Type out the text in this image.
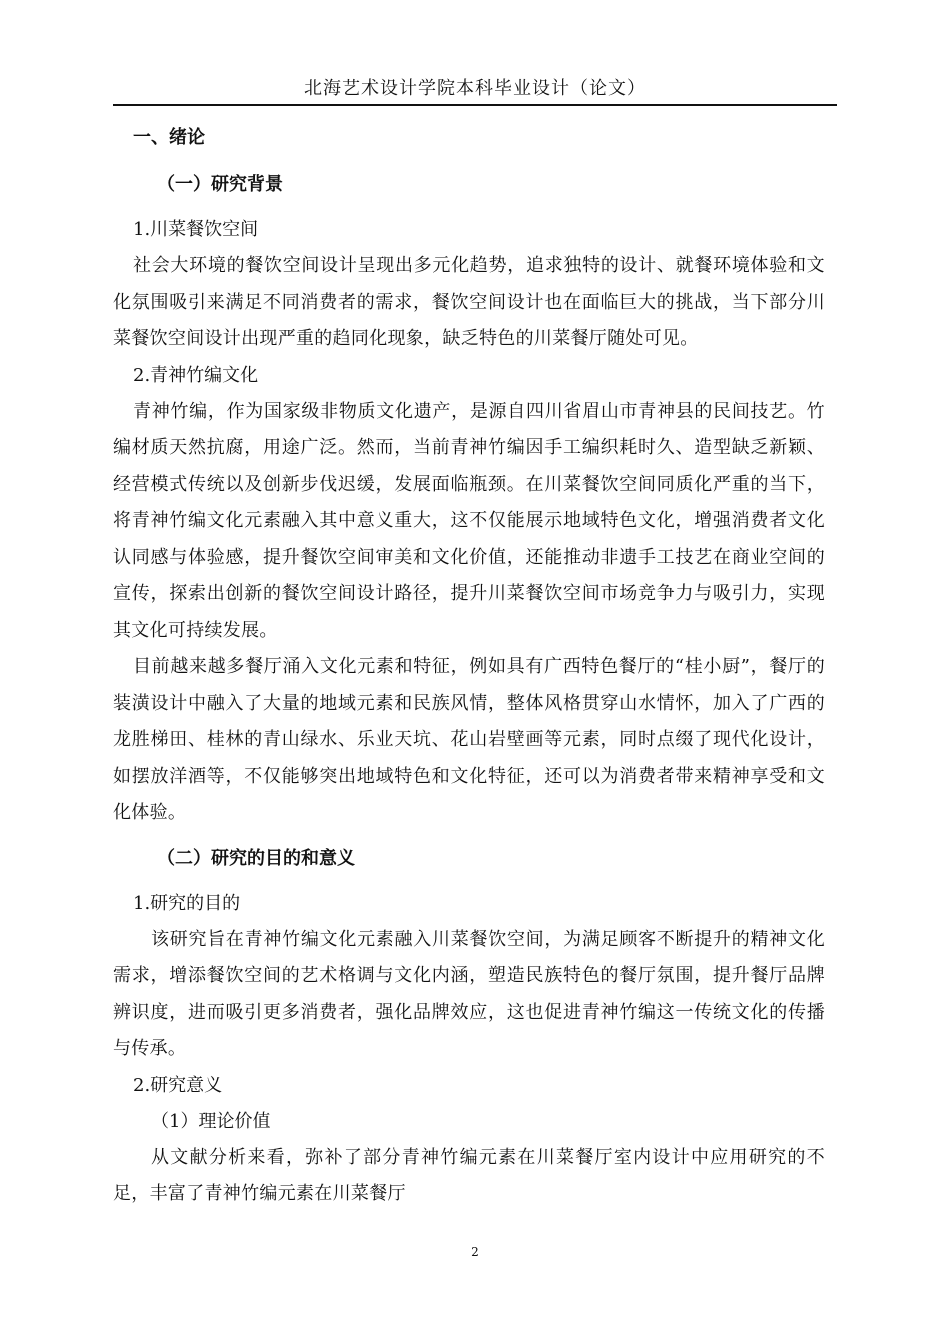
北海艺术设计学院本科毕业设计（论文）
一、绪论
（一）研究背景
1.川菜餐饮空间

社会大环境的餐饮空间设计呈现出多元化趋势，追求独特的设计、就餐环境体验和文化氛围吸引来满足不同消费者的需求，餐饮空间设计也在面临巨大的挑战，当下部分川菜餐饮空间设计出现严重的趋同化现象，缺乏特色的川菜餐厅随处可见。

2.青神竹编文化

青神竹编，作为国家级非物质文化遗产，是源自四川省眉山市青神县的民间技艺。竹编材质天然抗腐，用途广泛。然而，当前青神竹编因手工编织耗时久、造型缺乏新颖、经营模式传统以及创新步伐迟缓，发展面临瓶颈。在川菜餐饮空间同质化严重的当下，将青神竹编文化元素融入其中意义重大，这不仅能展示地域特色文化，增强消费者文化认同感与体验感，提升餐饮空间审美和文化价值，还能推动非遗手工技艺在商业空间的宣传，探索出创新的餐饮空间设计路径，提升川菜餐饮空间市场竞争力与吸引力，实现其文化可持续发展。

目前越来越多餐厅涌入文化元素和特征，例如具有广西特色餐厅的“桂小厨”，餐厅的装潢设计中融入了大量的地域元素和民族风情，整体风格贯穿山水情怀，加入了广西的龙胜梯田、桂林的青山绿水、乐业天坑、花山岩壁画等元素，同时点缀了现代化设计，如摆放洋酒等，不仅能够突出地域特色和文化特征，还可以为消费者带来精神享受和文化体验。

（二）研究的目的和意义
1.研究的目的

该研究旨在青神竹编文化元素融入川菜餐饮空间，为满足顾客不断提升的精神文化需求，增添餐饮空间的艺术格调与文化内涵，塑造民族特色的餐厅氛围，提升餐厅品牌辨识度，进而吸引更多消费者，强化品牌效应，这也促进青神竹编这一传统文化的传播与传承。

2.研究意义
（1）理论价值

从文献分析来看，弥补了部分青神竹编元素在川菜餐厅室内设计中应用研究的不足，丰富了青神竹编元素在川菜餐厅

2
